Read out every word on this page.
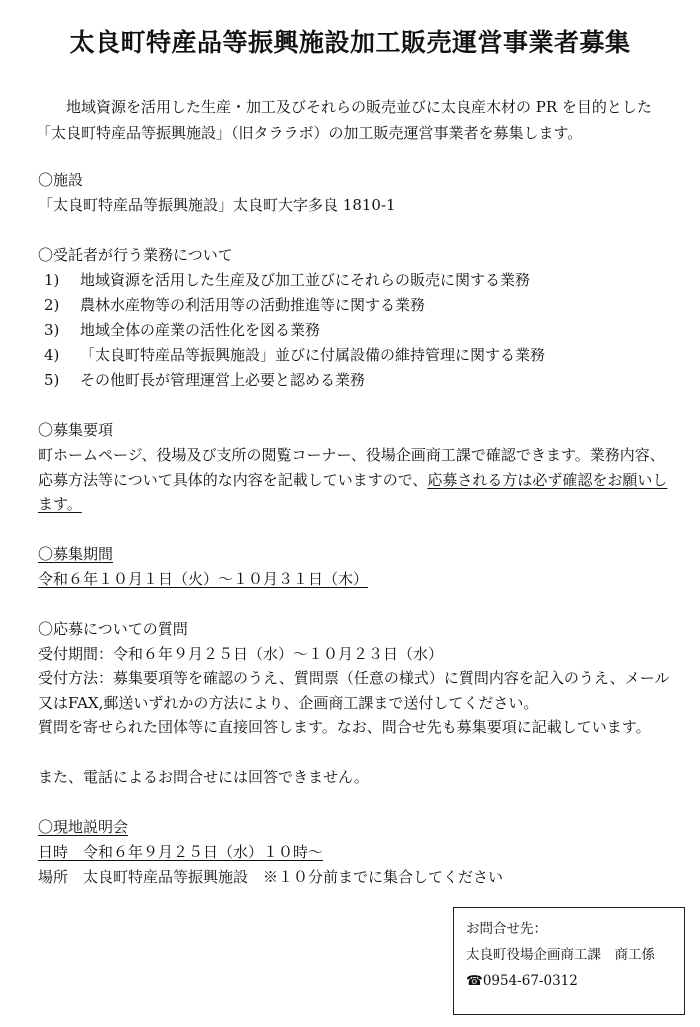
太良町特産品等振興施設加工販売運営事業者募集
地域資源を活用した生産・加工及びそれらの販売並びに太良産木材の PR を目的とした「太良町特産品等振興施設」（旧タララボ）の加工販売運営事業者を募集します。
〇施設
「太良町特産品等振興施設」太良町大字多良 1810-1
〇受託者が行う業務について
1) 地域資源を活用した生産及び加工並びにそれらの販売に関する業務
2) 農林水産物等の利活用等の活動推進等に関する業務
3) 地域全体の産業の活性化を図る業務
4) 「太良町特産品等振興施設」並びに付属設備の維持管理に関する業務
5) その他町長が管理運営上必要と認める業務
〇募集要項
町ホームページ、役場及び支所の閲覧コーナー、役場企画商工課で確認できます。業務内容、応募方法等について具体的な内容を記載していますので、応募される方は必ず確認をお願いします。
〇募集期間
令和６年１０月１日（火）～１０月３１日（木）
〇応募についての質問
受付期間：令和６年９月２５日（水）～１０月２３日（水）
受付方法：募集要項等を確認のうえ、質問票（任意の様式）に質問内容を記入のうえ、メール又はFAX,郵送いずれかの方法により、企画商工課まで送付してください。
質問を寄せられた団体等に直接回答します。なお、問合せ先も募集要項に記載しています。
また、電話によるお問合せには回答できません。
〇現地説明会
日時　令和６年９月２５日（水）１０時～
場所　太良町特産品等振興施設　※１０分前までに集合してください
お問合せ先：
太良町役場企画商工課　商工係
☎0954-67-0312
